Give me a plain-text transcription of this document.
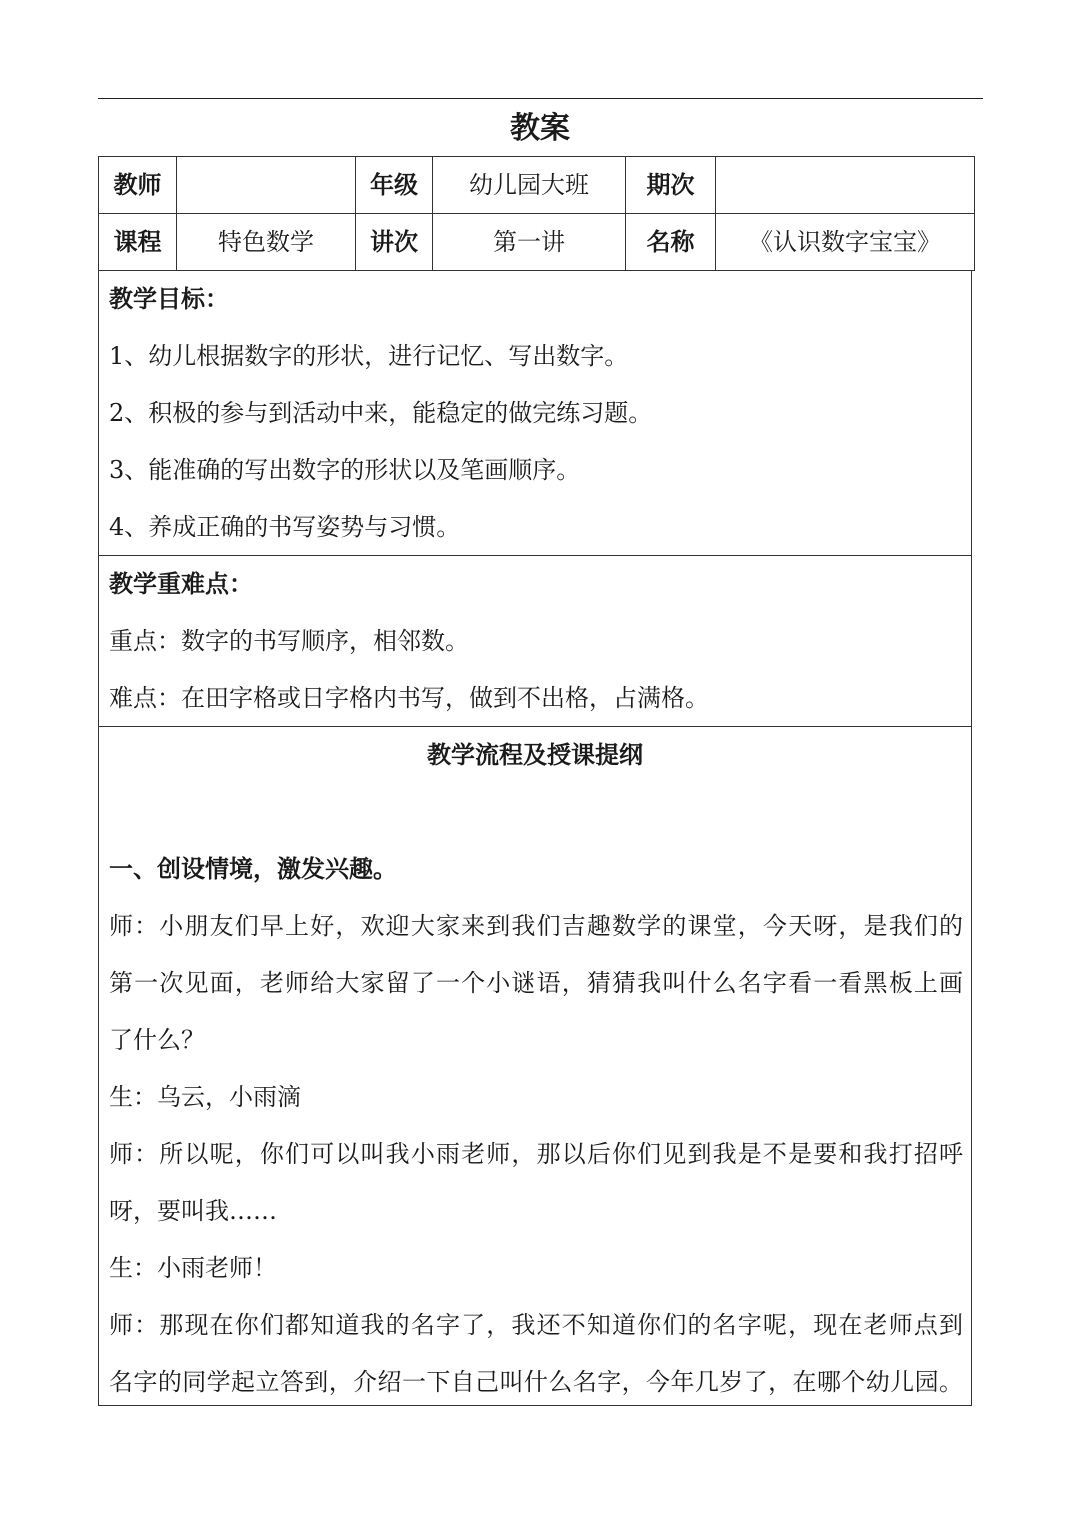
教案
教师		年级	幼儿园大班	期次	
课程	特色数学	讲次	第一讲	名称	《认识数字宝宝》
教学目标：
1、幼儿根据数字的形状，进行记忆、写出数字。
2、积极的参与到活动中来，能稳定的做完练习题。
3、能准确的写出数字的形状以及笔画顺序。
4、养成正确的书写姿势与习惯。
教学重难点：
重点：数字的书写顺序，相邻数。
难点：在田字格或日字格内书写，做到不出格，占满格。
教学流程及授课提纲
一、创设情境，激发兴趣。
师：小朋友们早上好，欢迎大家来到我们吉趣数学的课堂，今天呀，是我们的
第一次见面，老师给大家留了一个小谜语，猜猜我叫什么名字看一看黑板上画
了什么？
生：乌云，小雨滴
师：所以呢，你们可以叫我小雨老师，那以后你们见到我是不是要和我打招呼
呀，要叫我……
生：小雨老师！
师：那现在你们都知道我的名字了，我还不知道你们的名字呢，现在老师点到
名字的同学起立答到，介绍一下自己叫什么名字，今年几岁了，在哪个幼儿园。
